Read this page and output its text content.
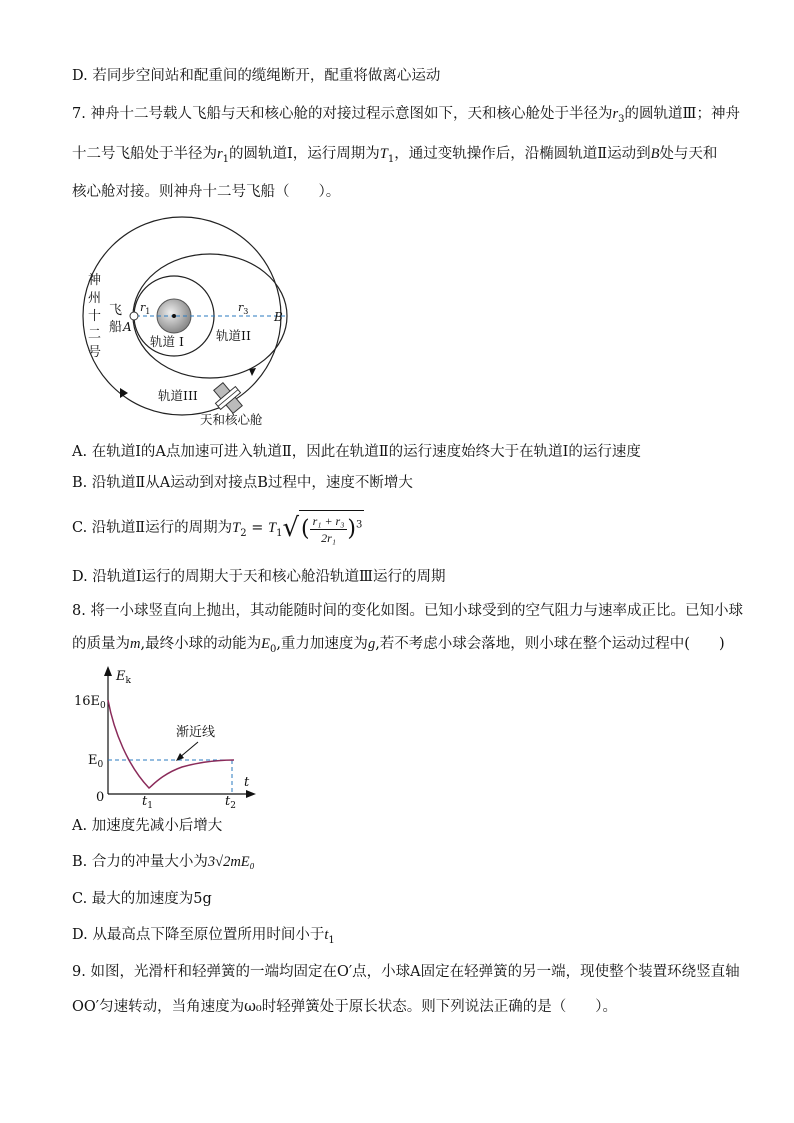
D. 若同步空间站和配重间的缆绳断开，配重将做离心运动
7. 神舟十二号载人飞船与天和核心舱的对接过程示意图如下，天和核心舱处于半径为$r_3$的圆轨道Ⅲ；神舟
十二号飞船处于半径为$r_1$的圆轨道Ⅰ，运行周期为$T_1$，通过变轨操作后，沿椭圆轨道Ⅱ运动到B处与天和
核心舱对接。则神舟十二号飞船（　　）。
神
州
十
二
号
飞
船 A
B
$r_1$	$r_3$
轨道 I	轨道II
轨道III
天和核心舱
A. 在轨道Ⅰ的A点加速可进入轨道Ⅱ，因此在轨道Ⅱ的运行速度始终大于在轨道Ⅰ的运行速度
B. 沿轨道Ⅱ从A运动到对接点B过程中，速度不断增大
C. 沿轨道Ⅱ运行的周期为$T_2 = T_1√( \frac{\text{r₁ + r₃}}{\text{2r₁}} )^3$
D. 沿轨道Ⅰ运行的周期大于天和核心舱沿轨道Ⅲ运行的周期
8. 将一小球竖直向上抛出，其动能随时间的变化如图。已知小球受到的空气阻力与速率成正比。已知小球
的质量为m,最终小球的动能为$E_0$,重力加速度为g,若不考虑小球会落地，则小球在整个运动过程中(　　)
$E_k$
t
$16E_0$
$E_0$
0	$t_1$	$t_2$
渐近线
A. 加速度先减小后增大
B. 合力的冲量大小为3√2mE₀
C. 最大的加速度为5g
D. 从最高点下降至原位置所用时间小于$t_1$
9. 如图，光滑杆和轻弹簧的一端均固定在O′点，小球A固定在轻弹簧的另一端，现使整个装置环绕竖直轴
OO′匀速转动，当角速度为ω₀时轻弹簧处于原长状态。则下列说法正确的是（　　）。
